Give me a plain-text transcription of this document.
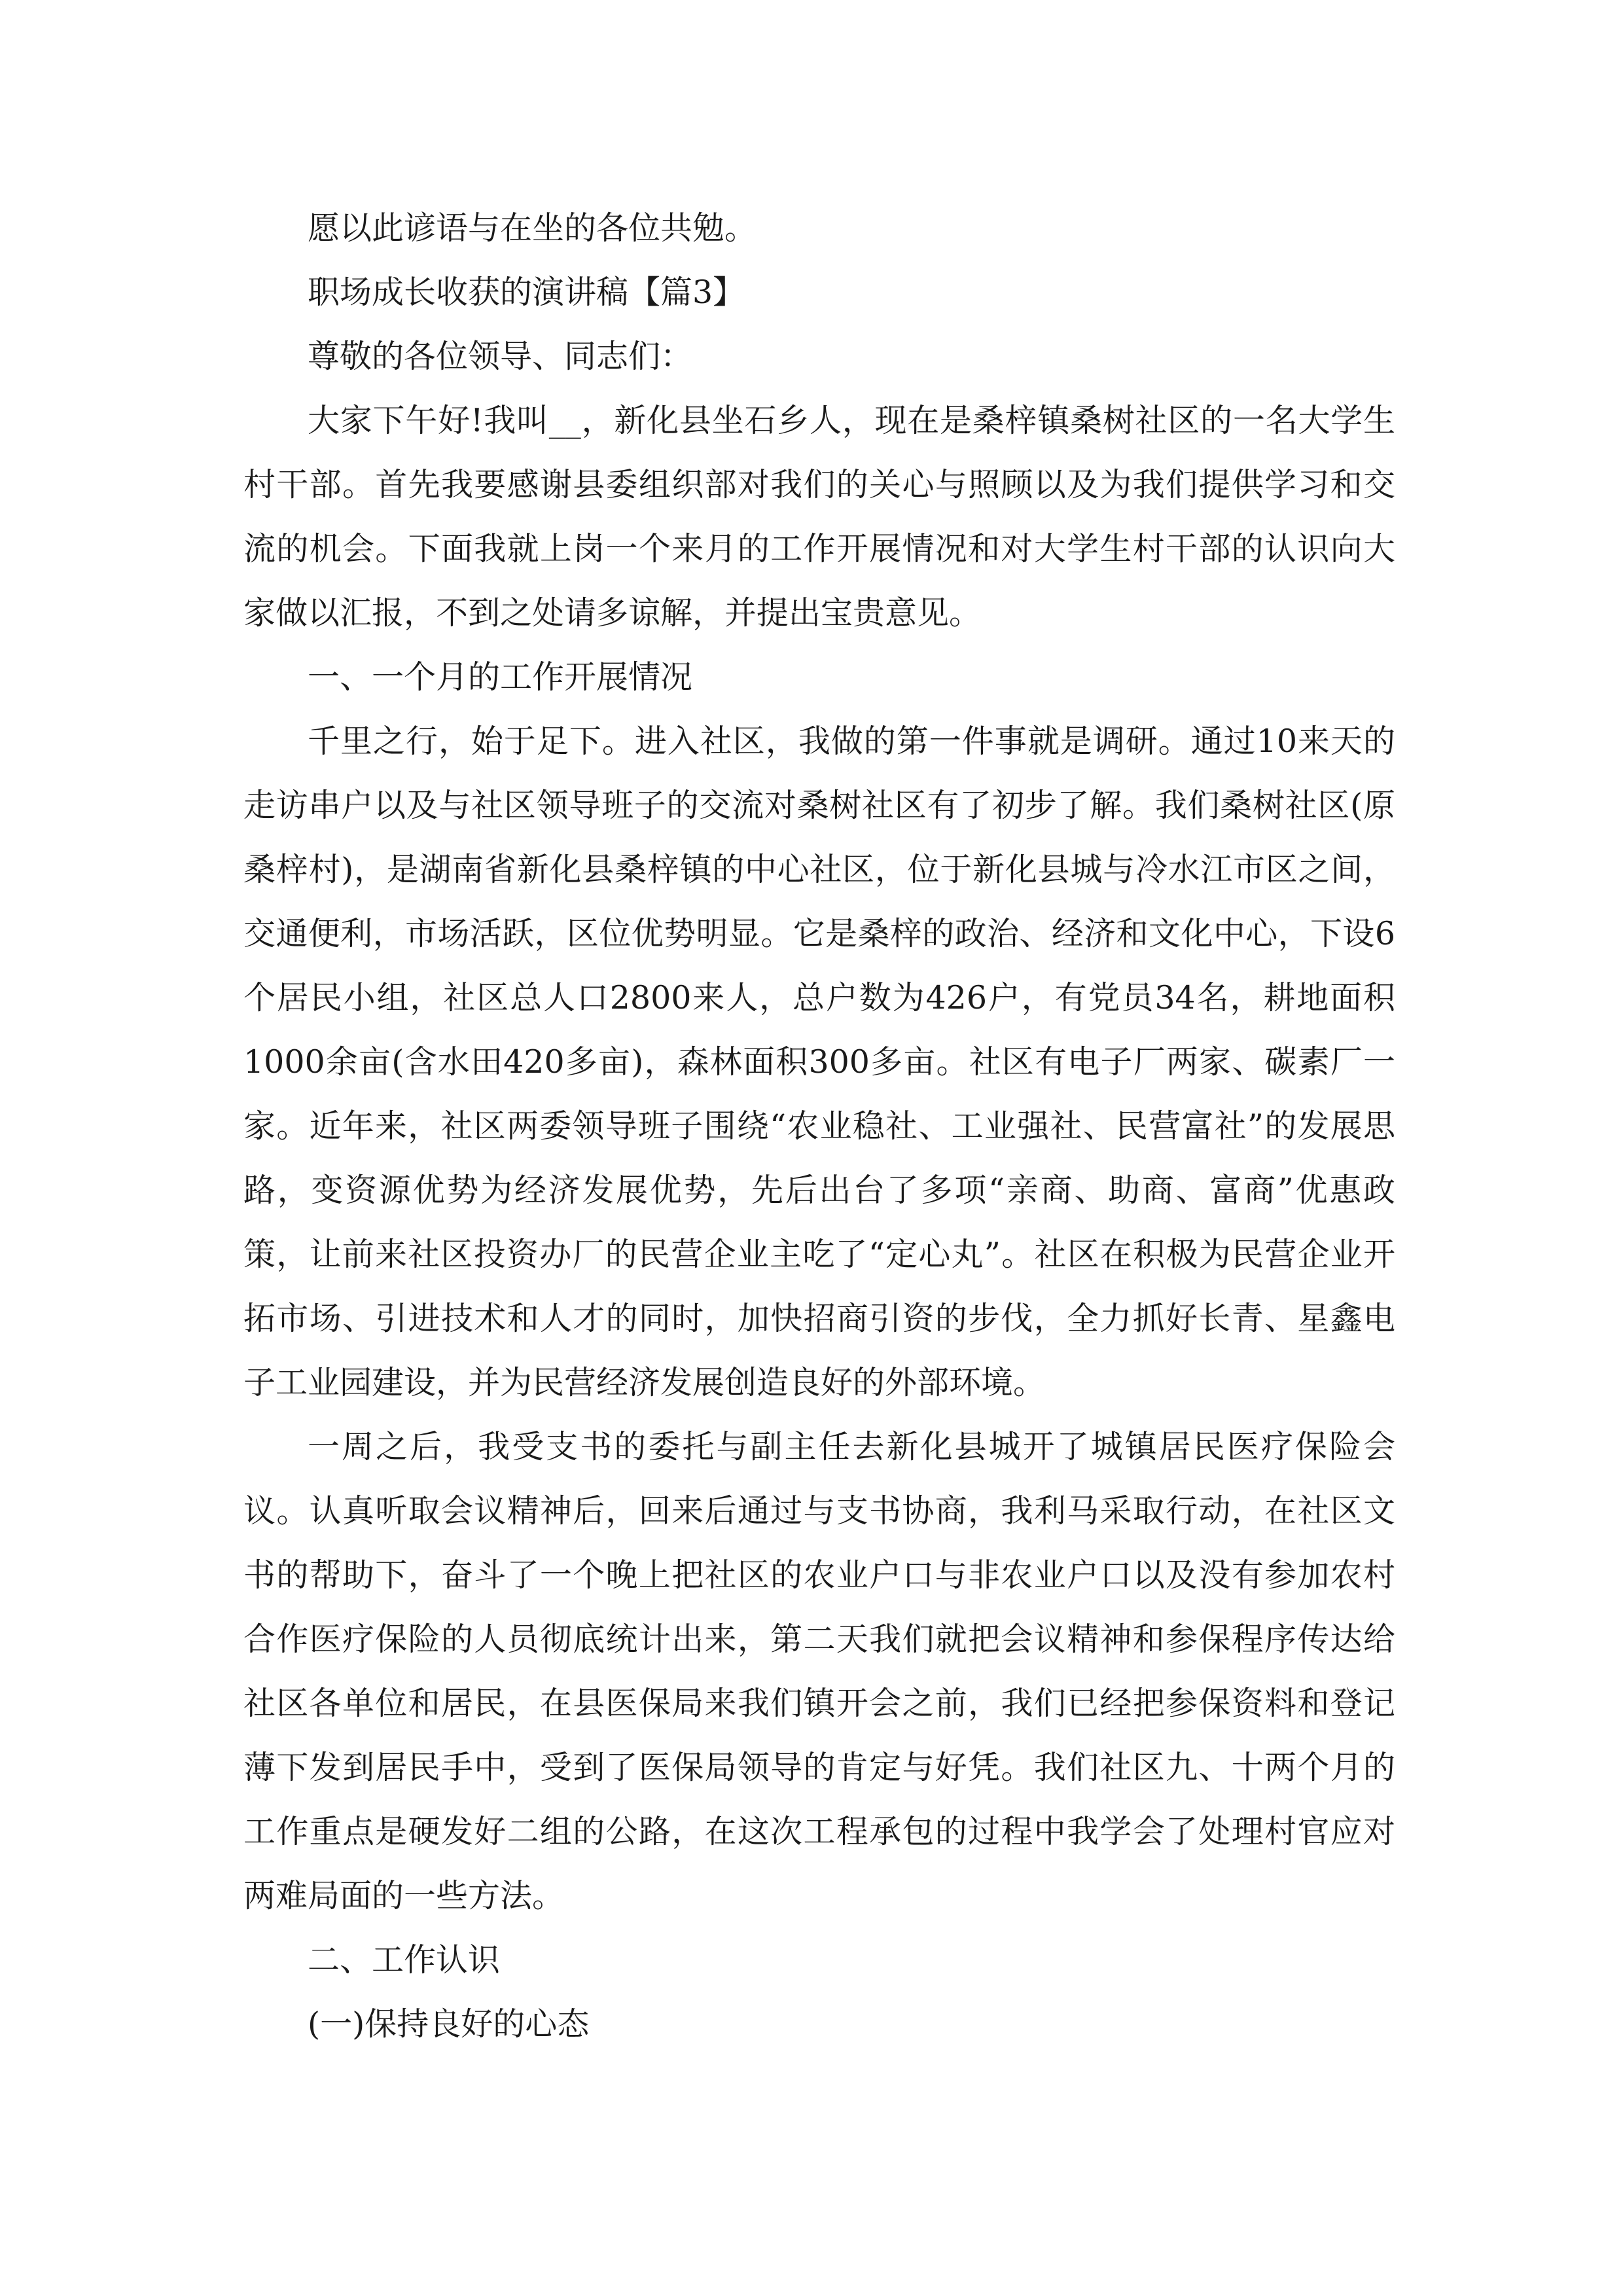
愿以此谚语与在坐的各位共勉。

职场成长收获的演讲稿【篇3】

尊敬的各位领导、同志们：

大家下午好!我叫__，新化县坐石乡人，现在是桑梓镇桑树社区的一名大学生村干部。首先我要感谢县委组织部对我们的关心与照顾以及为我们提供学习和交流的机会。下面我就上岗一个来月的工作开展情况和对大学生村干部的认识向大家做以汇报，不到之处请多谅解，并提出宝贵意见。

一、一个月的工作开展情况

千里之行，始于足下。进入社区，我做的第一件事就是调研。通过10来天的走访串户以及与社区领导班子的交流对桑树社区有了初步了解。我们桑树社区(原桑梓村)，是湖南省新化县桑梓镇的中心社区，位于新化县城与冷水江市区之间，交通便利，市场活跃，区位优势明显。它是桑梓的政治、经济和文化中心，下设6个居民小组，社区总人口2800来人，总户数为426户，有党员34名，耕地面积1000余亩(含水田420多亩)，森林面积300多亩。社区有电子厂两家、碳素厂一家。近年来，社区两委领导班子围绕“农业稳社、工业强社、民营富社”的发展思路，变资源优势为经济发展优势，先后出台了多项“亲商、助商、富商”优惠政策，让前来社区投资办厂的民营企业主吃了“定心丸”。社区在积极为民营企业开拓市场、引进技术和人才的同时，加快招商引资的步伐，全力抓好长青、星鑫电子工业园建设，并为民营经济发展创造良好的外部环境。

一周之后，我受支书的委托与副主任去新化县城开了城镇居民医疗保险会议。认真听取会议精神后，回来后通过与支书协商，我利马采取行动，在社区文书的帮助下，奋斗了一个晚上把社区的农业户口与非农业户口以及没有参加农村合作医疗保险的人员彻底统计出来，第二天我们就把会议精神和参保程序传达给社区各单位和居民，在县医保局来我们镇开会之前，我们已经把参保资料和登记薄下发到居民手中，受到了医保局领导的肯定与好凭。我们社区九、十两个月的工作重点是硬发好二组的公路，在这次工程承包的过程中我学会了处理村官应对两难局面的一些方法。

二、工作认识

(一)保持良好的心态
